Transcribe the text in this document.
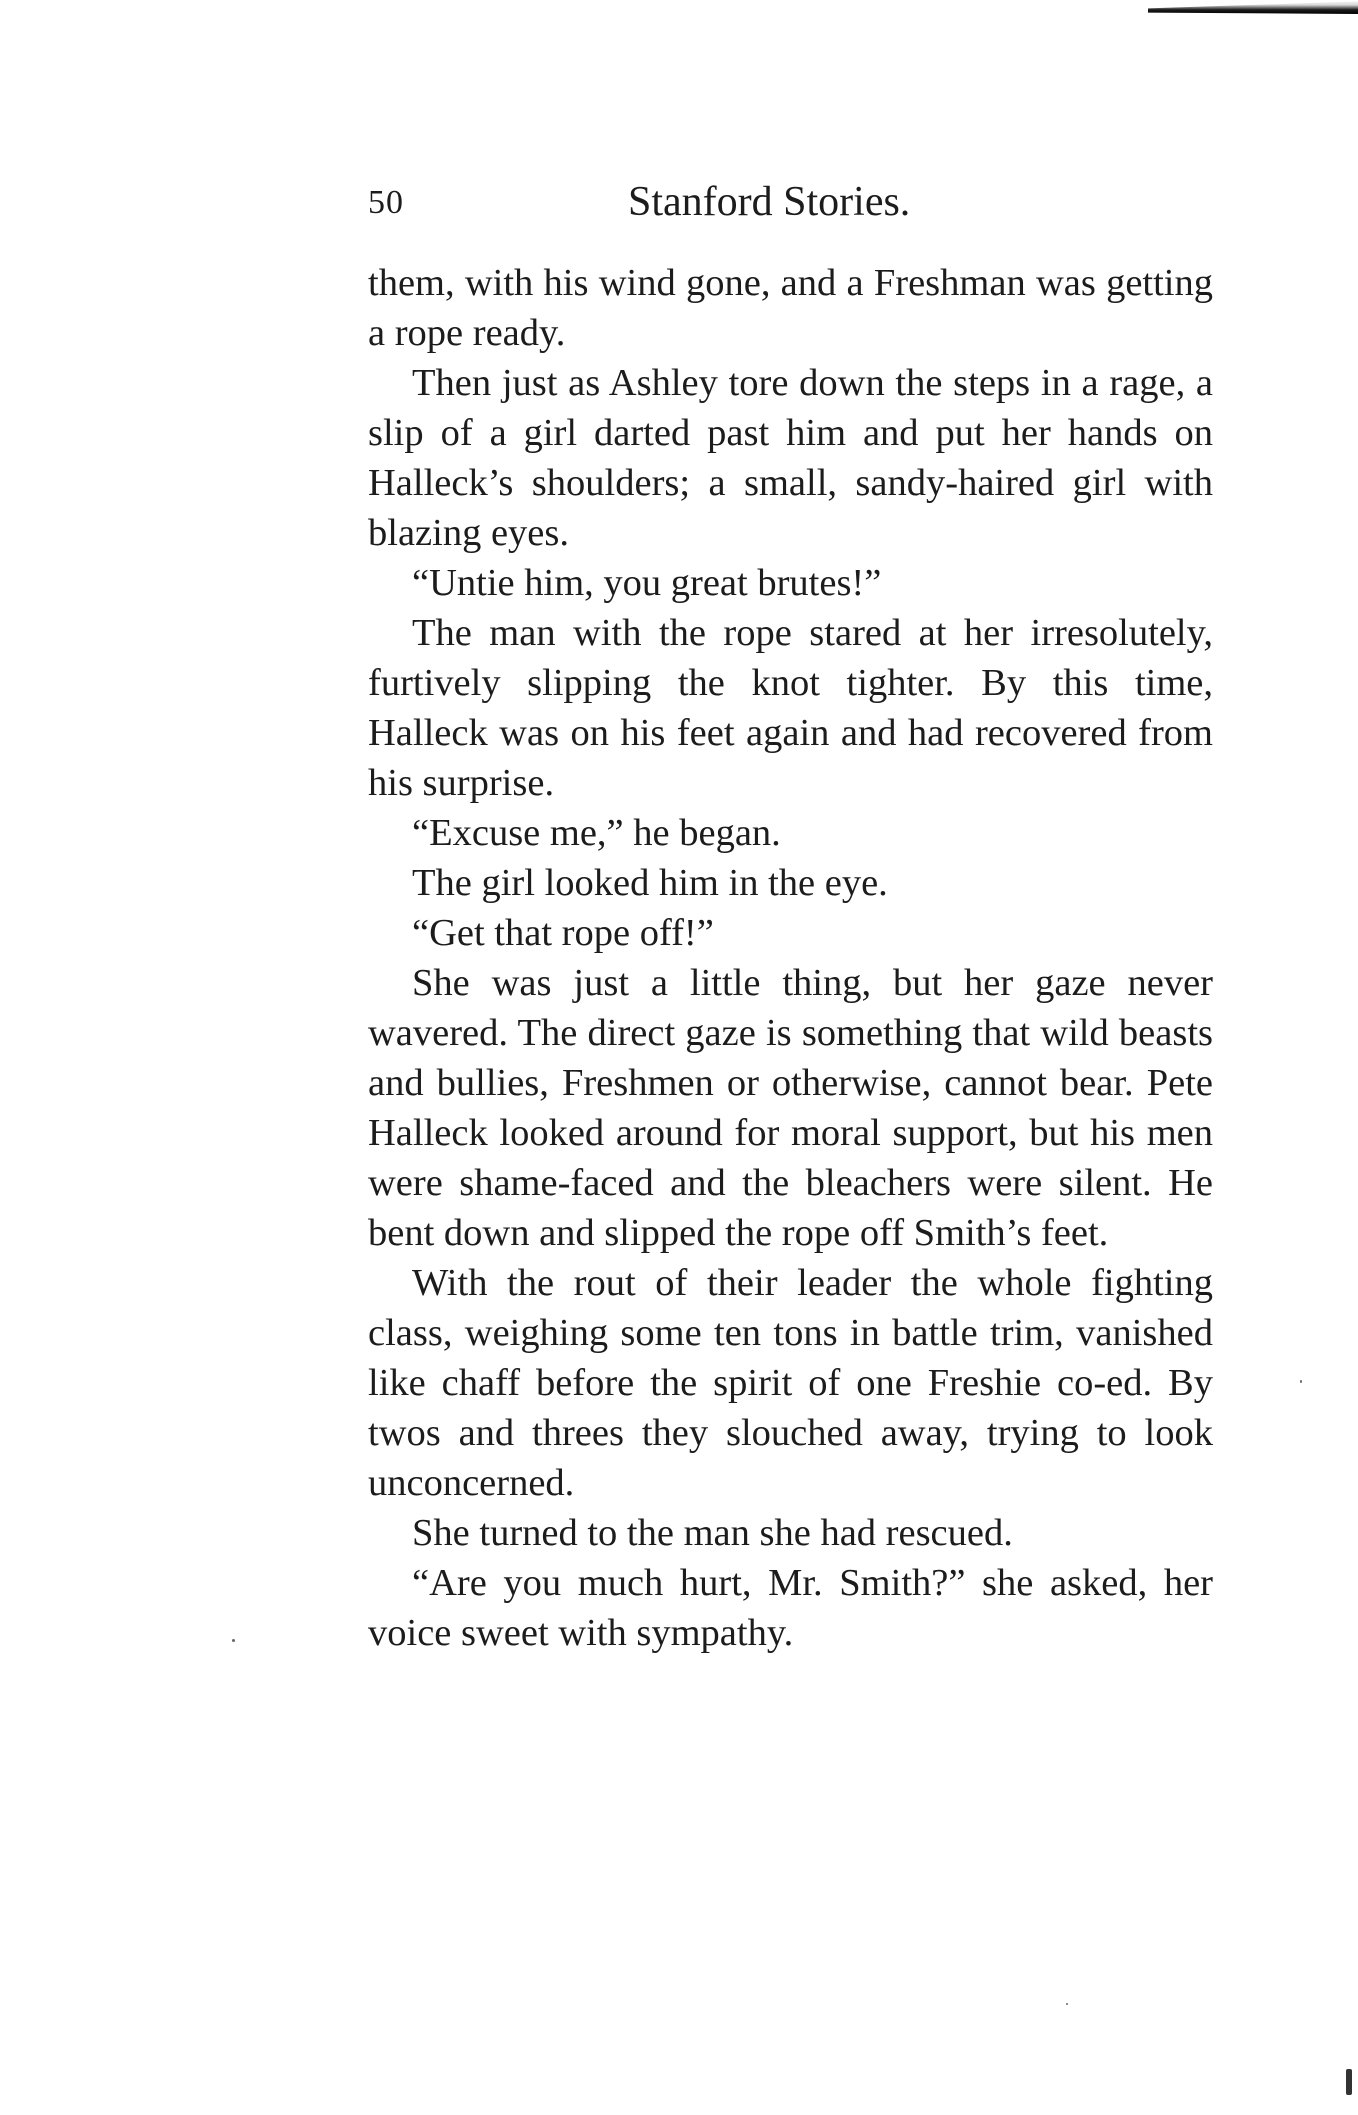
50	Stanford Stories.

them, with his wind gone, and a Freshman was getting a rope ready.

Then just as Ashley tore down the steps in a rage, a slip of a girl darted past him and put her hands on Halleck’s shoulders; a small, sandy-haired girl with blazing eyes.

“Untie him, you great brutes!”

The man with the rope stared at her irresolutely, furtively slipping the knot tighter. By this time, Halleck was on his feet again and had recovered from his surprise.

“Excuse me,” he began.

The girl looked him in the eye.

“Get that rope off!”

She was just a little thing, but her gaze never wavered. The direct gaze is something that wild beasts and bullies, Freshmen or otherwise, cannot bear. Pete Halleck looked around for moral support, but his men were shame-faced and the bleachers were silent. He bent down and slipped the rope off Smith’s feet.

With the rout of their leader the whole fighting class, weighing some ten tons in battle trim, vanished like chaff before the spirit of one Freshie co-ed. By twos and threes they slouched away, trying to look unconcerned.

She turned to the man she had rescued.

“Are you much hurt, Mr. Smith?” she asked, her voice sweet with sympathy.
